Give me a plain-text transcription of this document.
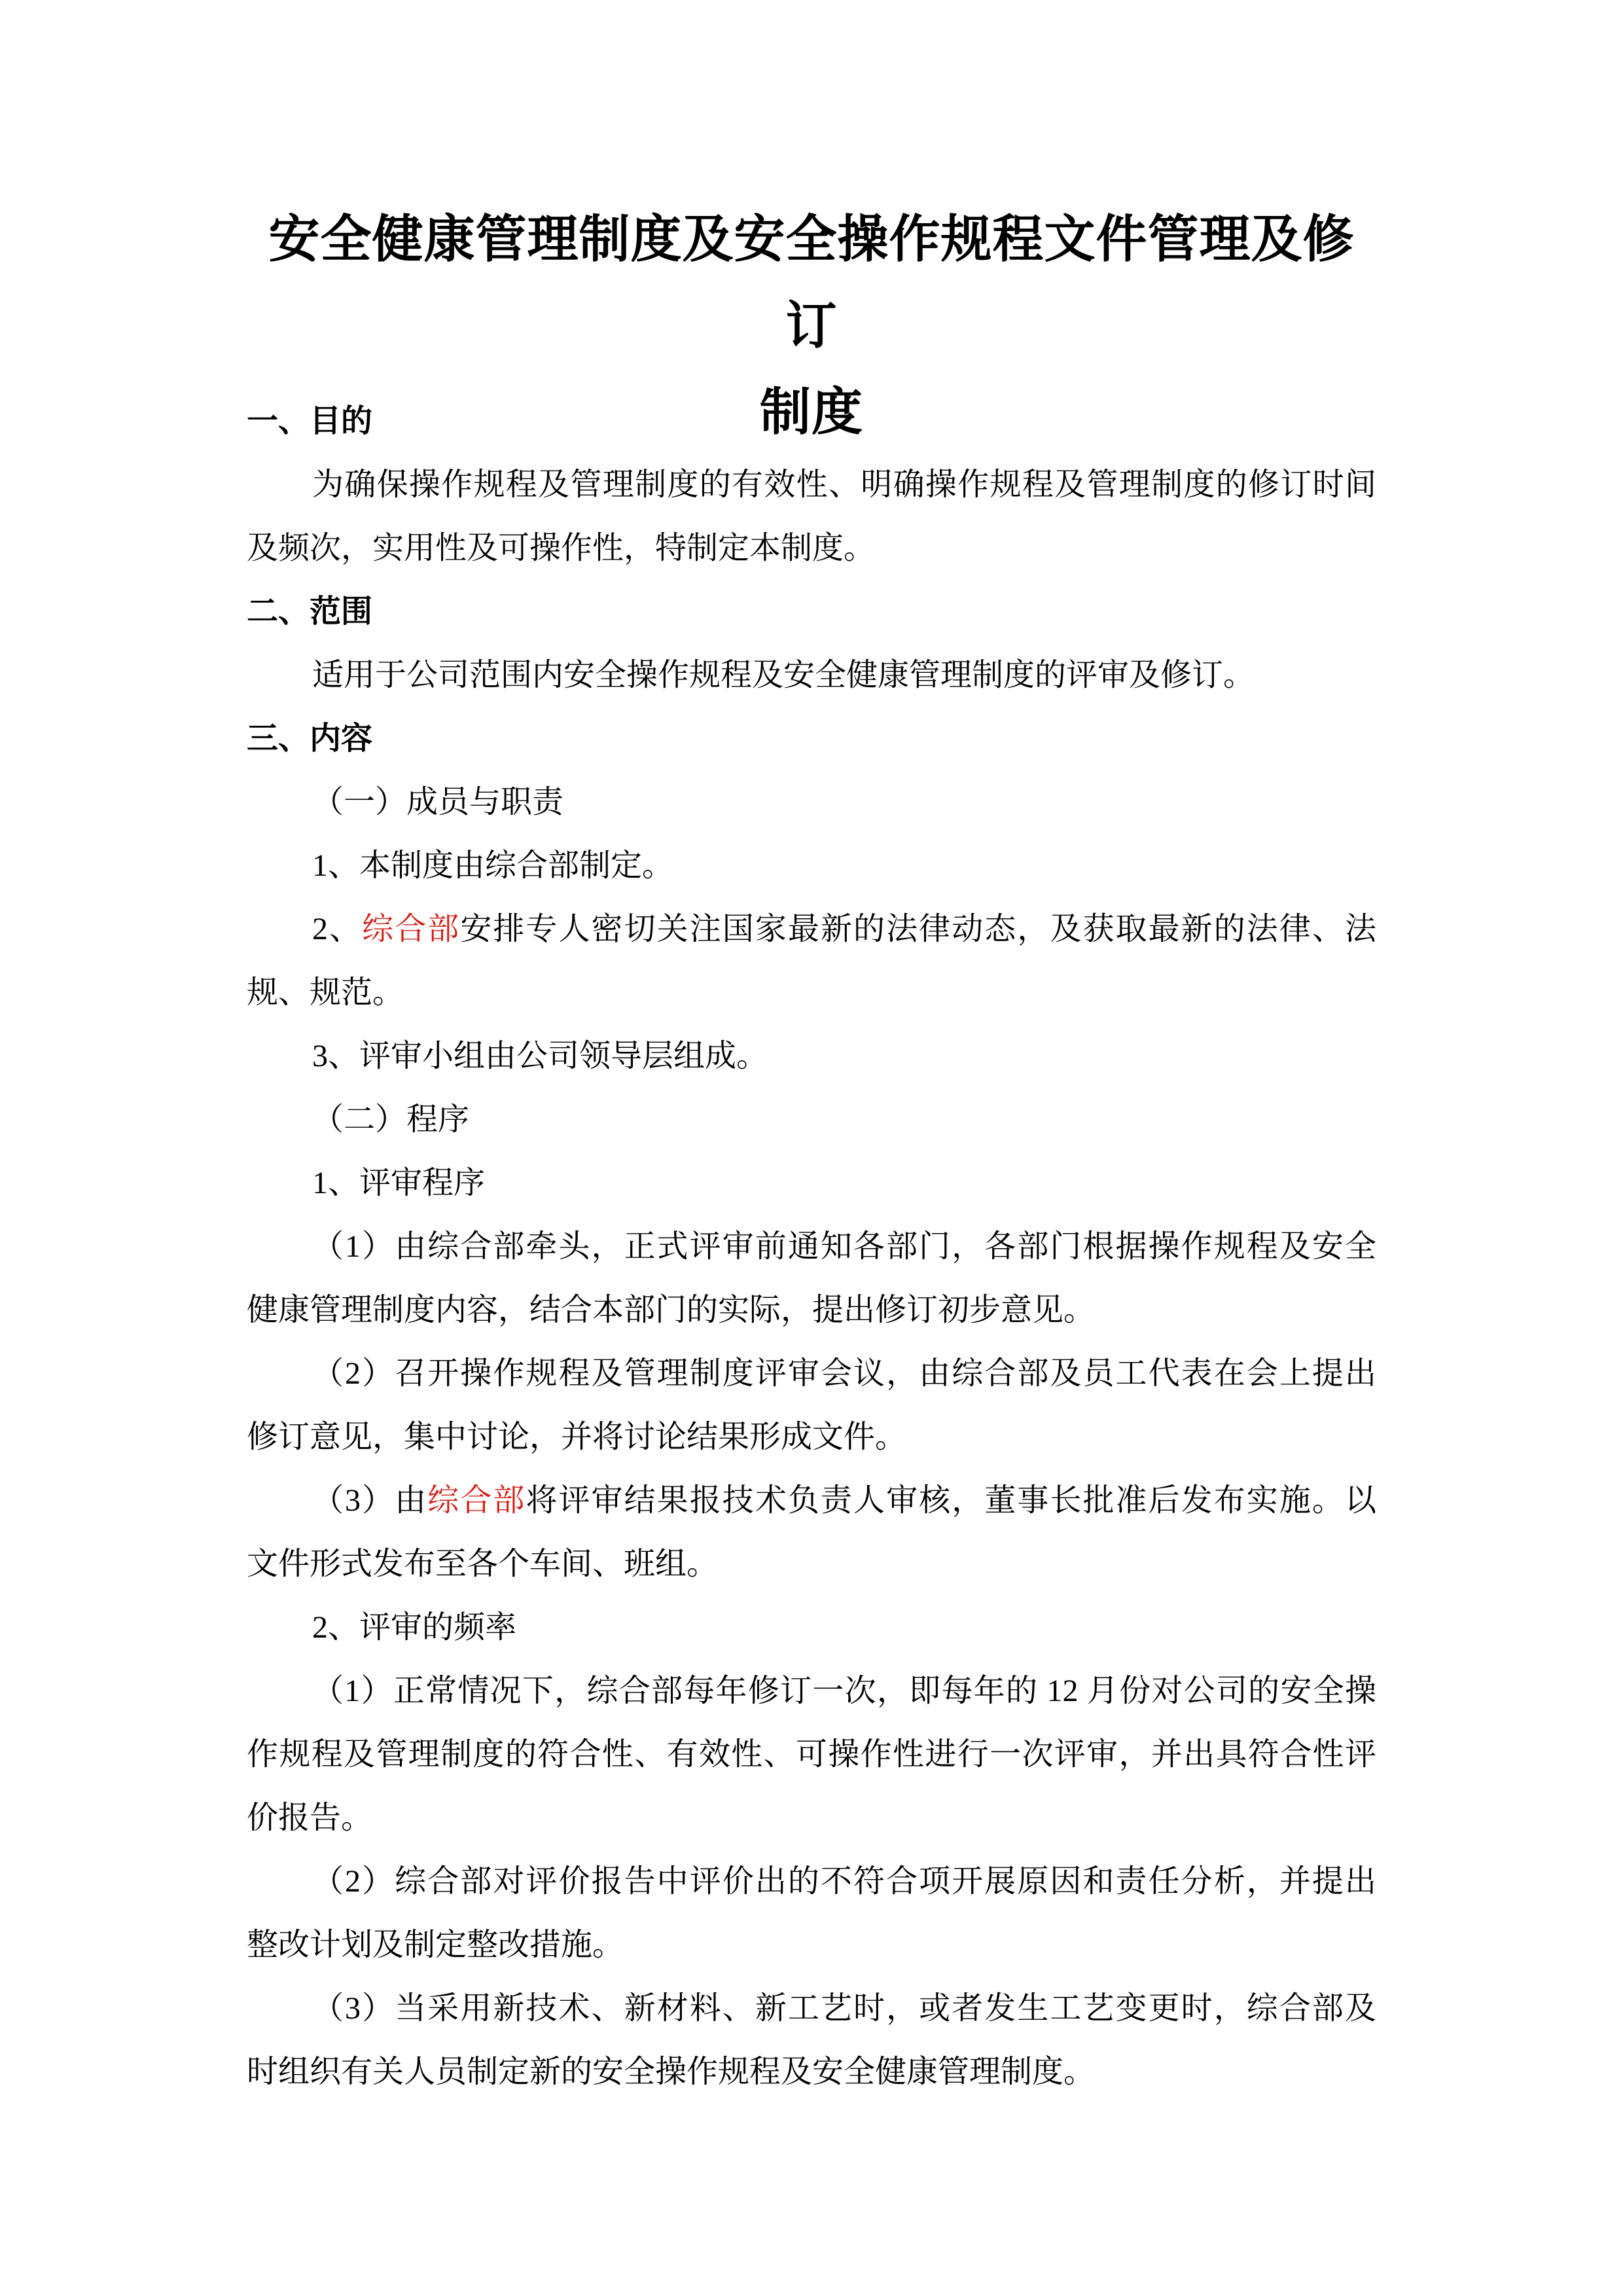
安全健康管理制度及安全操作规程文件管理及修订
制度
一、目的
为确保操作规程及管理制度的有效性、明确操作规程及管理制度的修订时间
及频次，实用性及可操作性，特制定本制度。
二、范围
适用于公司范围内安全操作规程及安全健康管理制度的评审及修订。
三、内容
（一）成员与职责
1、本制度由综合部制定。
2、综合部安排专人密切关注国家最新的法律动态，及获取最新的法律、法
规、规范。
3、评审小组由公司领导层组成。
（二）程序
1、评审程序
（1）由综合部牵头，正式评审前通知各部门，各部门根据操作规程及安全
健康管理制度内容，结合本部门的实际，提出修订初步意见。
（2）召开操作规程及管理制度评审会议，由综合部及员工代表在会上提出
修订意见，集中讨论，并将讨论结果形成文件。
（3）由综合部将评审结果报技术负责人审核，董事长批准后发布实施。以
文件形式发布至各个车间、班组。
2、评审的频率
（1）正常情况下，综合部每年修订一次，即每年的 12 月份对公司的安全操
作规程及管理制度的符合性、有效性、可操作性进行一次评审，并出具符合性评
价报告。
（2）综合部对评价报告中评价出的不符合项开展原因和责任分析，并提出
整改计划及制定整改措施。
（3）当采用新技术、新材料、新工艺时，或者发生工艺变更时，综合部及
时组织有关人员制定新的安全操作规程及安全健康管理制度。
